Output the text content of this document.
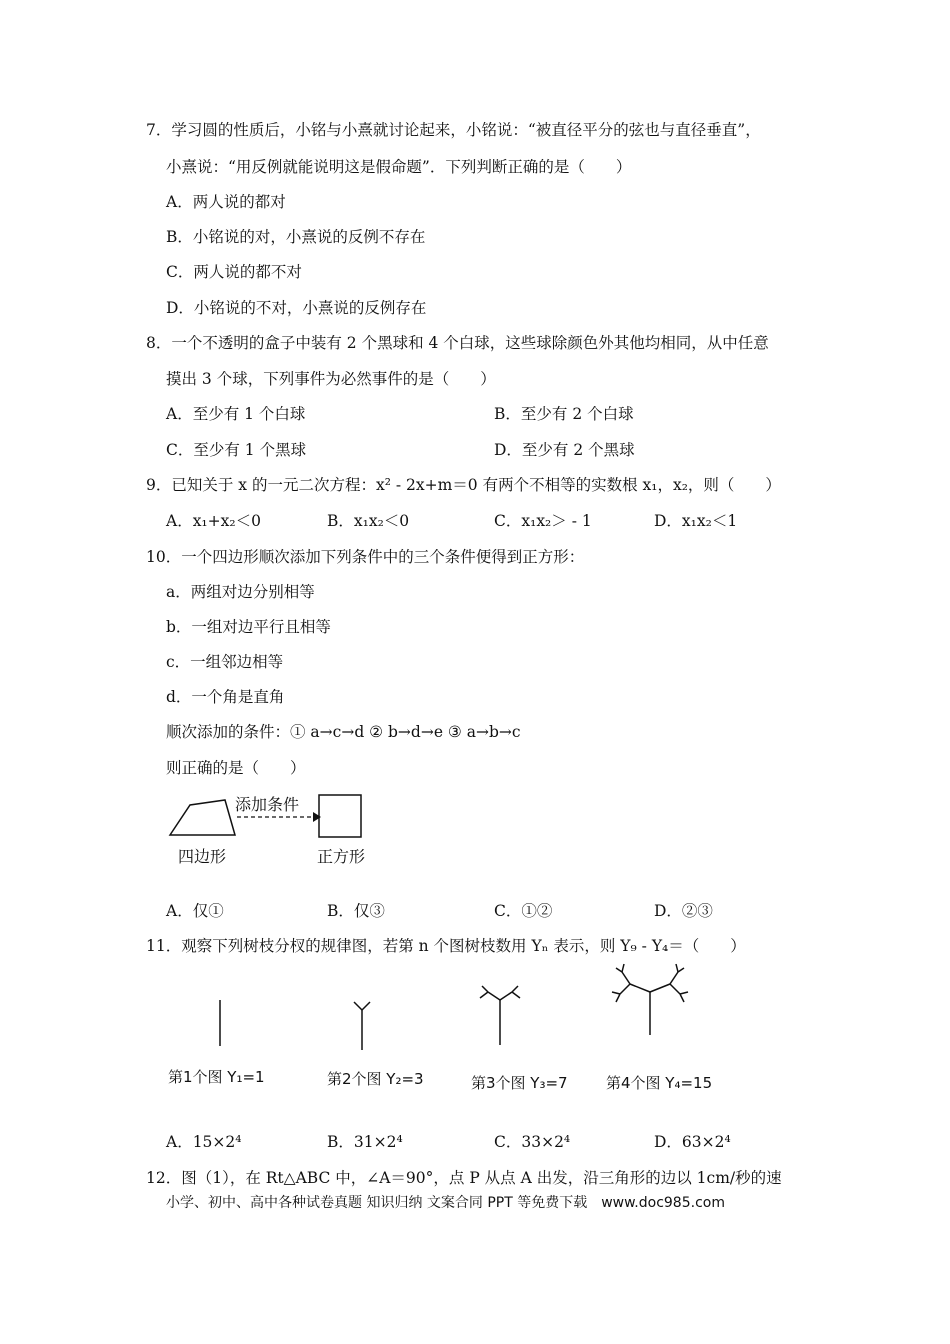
7．学习圆的性质后，小铭与小熹就讨论起来，小铭说：“被直径平分的弦也与直径垂直”，
小熹说：“用反例就能说明这是假命题”．下列判断正确的是（　　）
A．两人说的都对
B．小铭说的对，小熹说的反例不存在
C．两人说的都不对
D．小铭说的不对，小熹说的反例存在
8．一个不透明的盒子中装有 2 个黑球和 4 个白球，这些球除颜色外其他均相同，从中任意
摸出 3 个球，下列事件为必然事件的是（　　）
A．至少有 1 个白球	B．至少有 2 个白球
C．至少有 1 个黑球	D．至少有 2 个黑球
9．已知关于 x 的一元二次方程：x² - 2x+m＝0 有两个不相等的实数根 x₁，x₂，则（　　）
A．x₁+x₂＜0	B．x₁x₂＜0	C．x₁x₂＞ - 1	D．x₁x₂＜1
10．一个四边形顺次添加下列条件中的三个条件便得到正方形：
a．两组对边分别相等
b．一组对边平行且相等
c．一组邻边相等
d．一个角是直角
顺次添加的条件：① a→c→d ② b→d→e ③ a→b→c
则正确的是（　　）
添加条件
四边形	正方形
A．仅①	B．仅③	C．①②	D．②③
11．观察下列树枝分杈的规律图，若第 n 个图树枝数用 Yₙ 表示，则 Y₉ - Y₄＝（　　）
第1个图 Y₁=1	第2个图 Y₂=3	第3个图 Y₃=7	第4个图 Y₄=15
A．15×2⁴	B．31×2⁴	C．33×2⁴	D．63×2⁴
12．图（1），在 Rt△ABC 中，∠A＝90°，点 P 从点 A 出发，沿三角形的边以 1cm/秒的速
小学、初中、高中各种试卷真题 知识归纳 文案合同 PPT 等免费下载　www.doc985.com
